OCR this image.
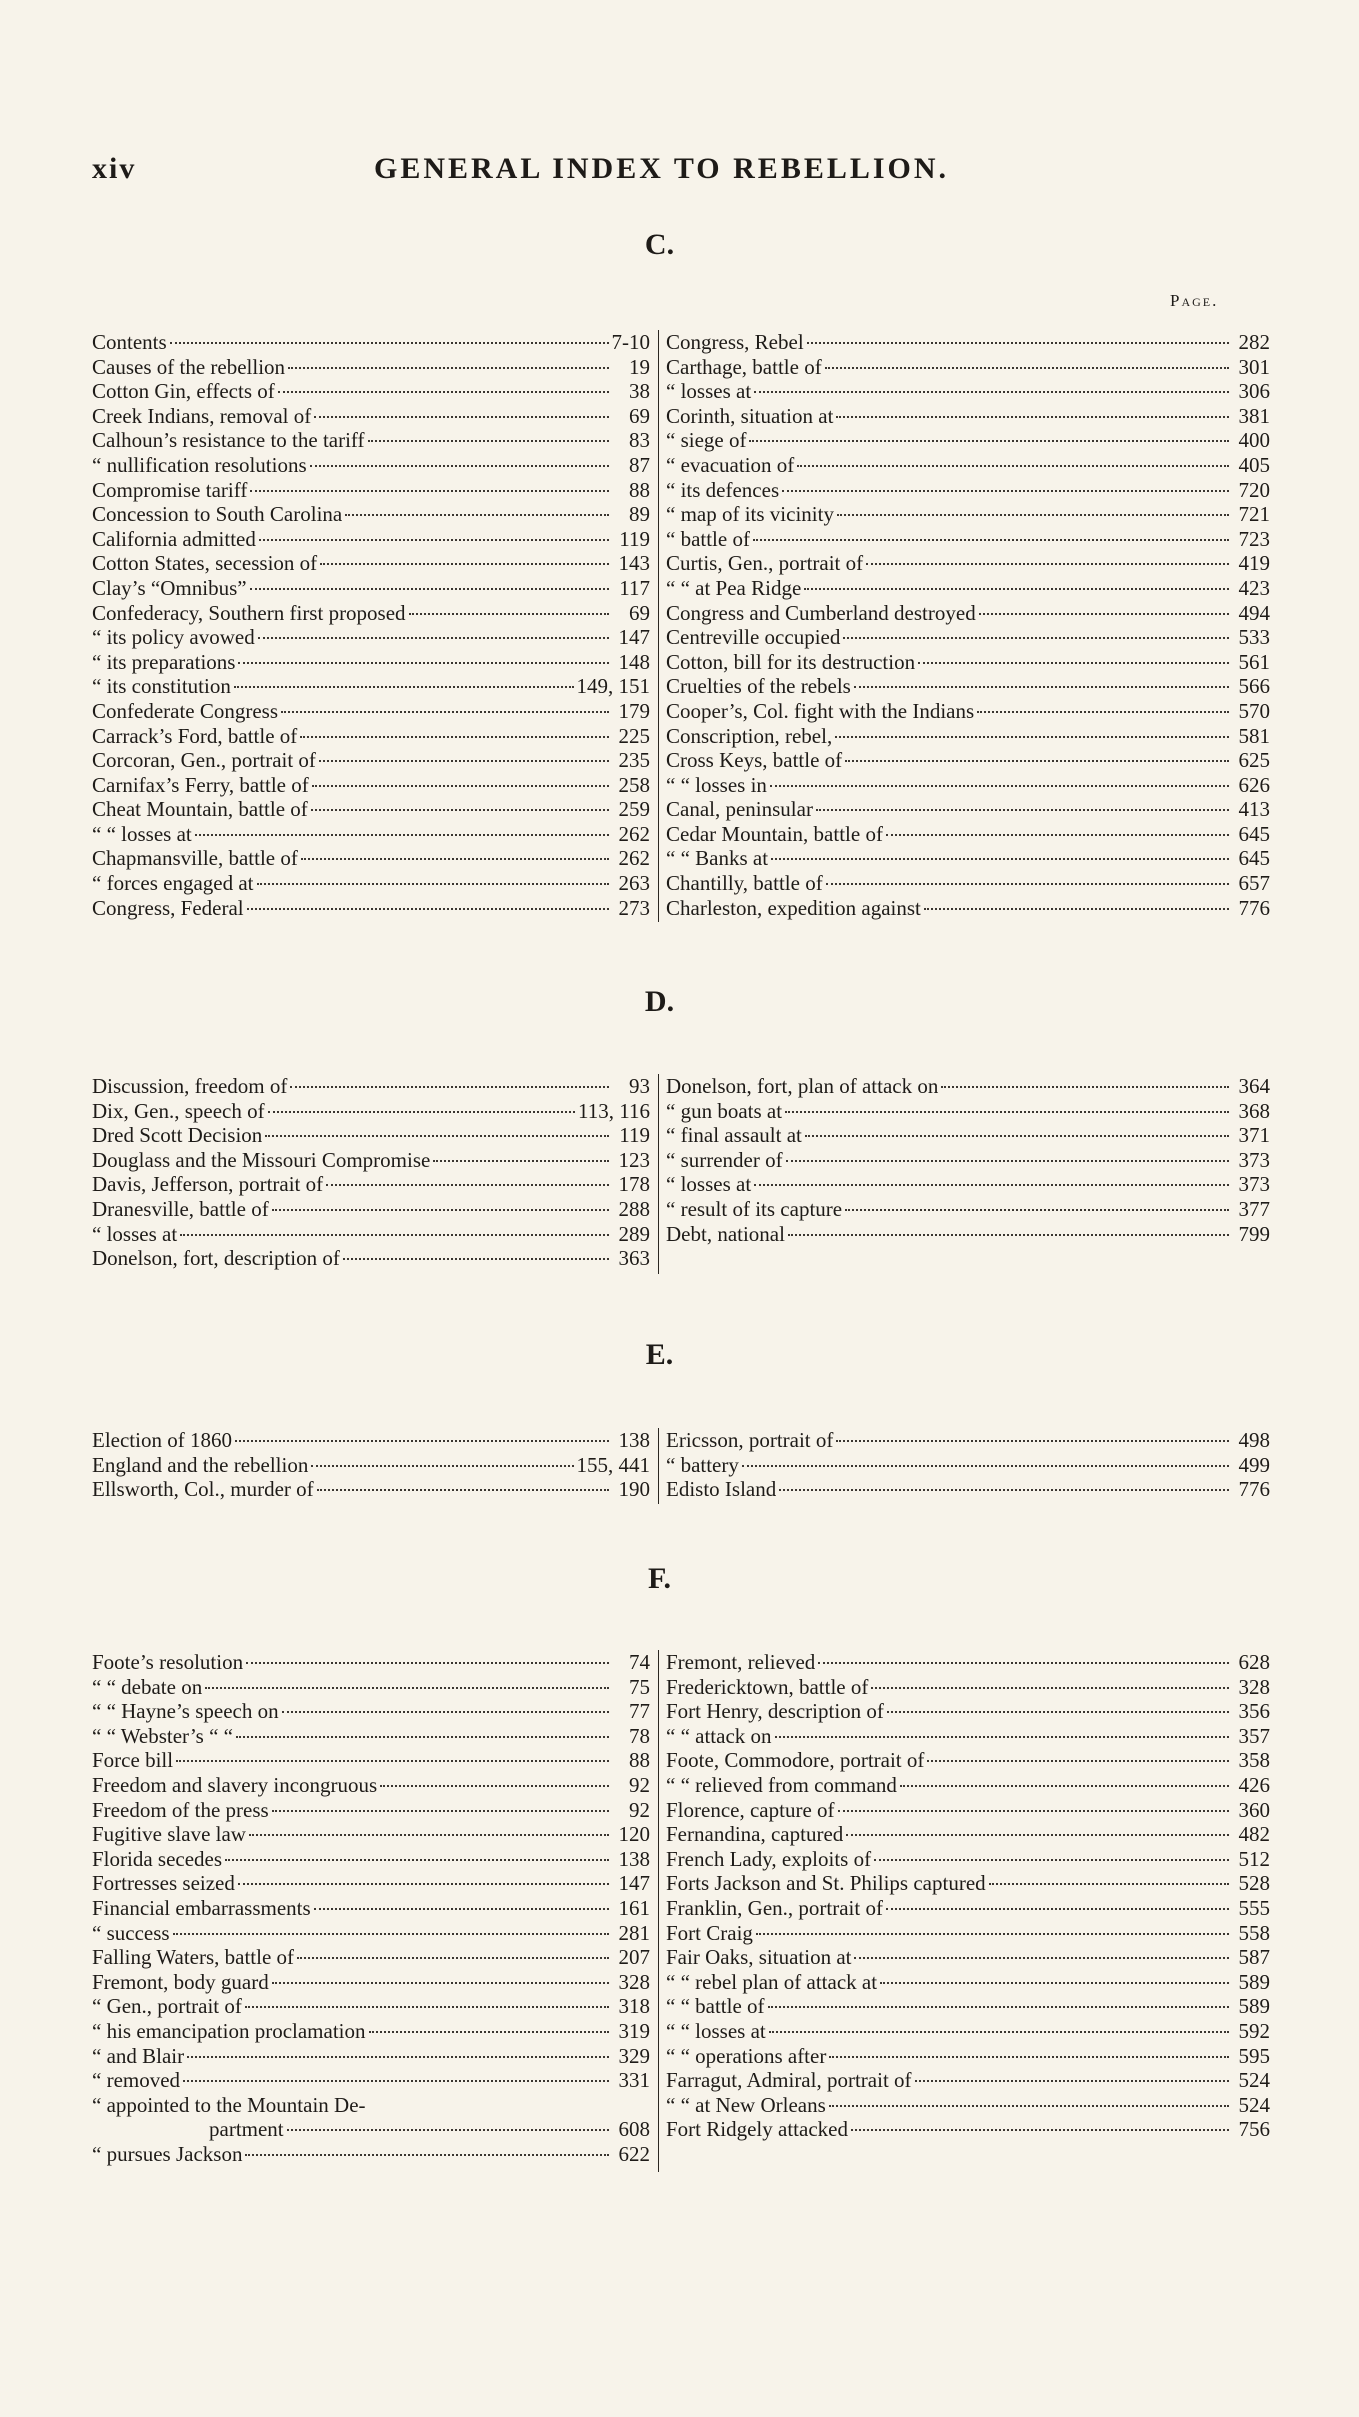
xiv	GENERAL INDEX TO REBELLION.
C.
Page.
Contents	7-10
Causes of the rebellion	19
Cotton Gin, effects of	38
Creek Indians, removal of	69
Calhoun’s resistance to the tariff	83
“ nullification resolutions	87
Compromise tariff	88
Concession to South Carolina	89
California admitted	119
Cotton States, secession of	143
Clay’s “Omnibus”	117
Confederacy, Southern first proposed	69
“ its policy avowed	147
“ its preparations	148
“ its constitution	149, 151
Confederate Congress	179
Carrack’s Ford, battle of	225
Corcoran, Gen., portrait of	235
Carnifax’s Ferry, battle of	258
Cheat Mountain, battle of	259
“ “ losses at	262
Chapmansville, battle of	262
“ forces engaged at	263
Congress, Federal	273
Congress, Rebel	282
Carthage, battle of	301
“ losses at	306
Corinth, situation at	381
“ siege of	400
“ evacuation of	405
“ its defences	720
“ map of its vicinity	721
“ battle of	723
Curtis, Gen., portrait of	419
“ “ at Pea Ridge	423
Congress and Cumberland destroyed	494
Centreville occupied	533
Cotton, bill for its destruction	561
Cruelties of the rebels	566
Cooper’s, Col. fight with the Indians	570
Conscription, rebel,	581
Cross Keys, battle of	625
“ “ losses in	626
Canal, peninsular	413
Cedar Mountain, battle of	645
“ “ Banks at	645
Chantilly, battle of	657
Charleston, expedition against	776
D.
Discussion, freedom of	93
Dix, Gen., speech of	113, 116
Dred Scott Decision	119
Douglass and the Missouri Compromise	123
Davis, Jefferson, portrait of	178
Dranesville, battle of	288
“ losses at	289
Donelson, fort, description of	363
Donelson, fort, plan of attack on	364
“ gun boats at	368
“ final assault at	371
“ surrender of	373
“ losses at	373
“ result of its capture	377
Debt, national	799
E.
Election of 1860	138
England and the rebellion	155, 441
Ellsworth, Col., murder of	190
Ericsson, portrait of	498
“ battery	499
Edisto Island	776
F.
Foote’s resolution	74
“ “ debate on	75
“ “ Hayne’s speech on	77
“ “ Webster’s “ “	78
Force bill	88
Freedom and slavery incongruous	92
Freedom of the press	92
Fugitive slave law	120
Florida secedes	138
Fortresses seized	147
Financial embarrassments	161
“ success	281
Falling Waters, battle of	207
Fremont, body guard	328
“ Gen., portrait of	318
“ his emancipation proclamation	319
“ and Blair	329
“ removed	331
“ appointed to the Mountain De-
partment	608
“ pursues Jackson	622
Fremont, relieved	628
Fredericktown, battle of	328
Fort Henry, description of	356
“ “ attack on	357
Foote, Commodore, portrait of	358
“ “ relieved from command	426
Florence, capture of	360
Fernandina, captured	482
French Lady, exploits of	512
Forts Jackson and St. Philips captured	528
Franklin, Gen., portrait of	555
Fort Craig	558
Fair Oaks, situation at	587
“ “ rebel plan of attack at	589
“ “ battle of	589
“ “ losses at	592
“ “ operations after	595
Farragut, Admiral, portrait of	524
“ “ at New Orleans	524
Fort Ridgely attacked	756
